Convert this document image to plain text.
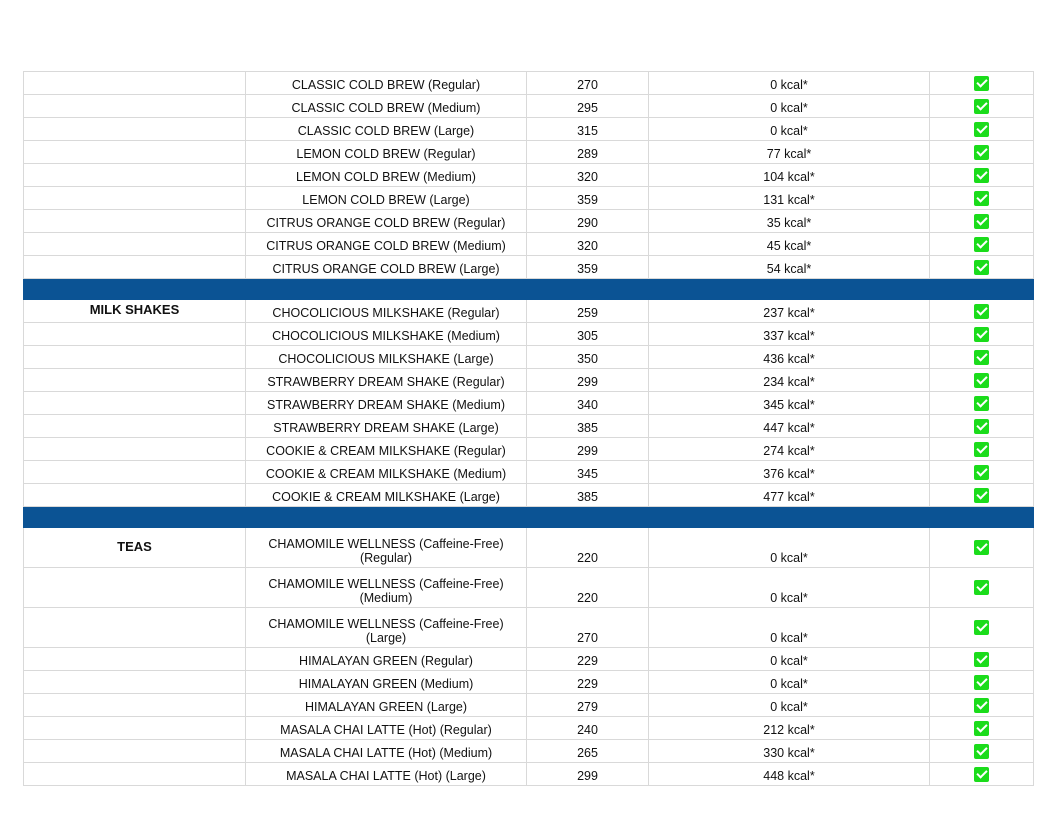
	CLASSIC COLD BREW (Regular)	270	0 kcal*	
	CLASSIC COLD BREW (Medium)	295	0 kcal*	
	CLASSIC COLD BREW (Large)	315	0 kcal*	
	LEMON COLD BREW (Regular)	289	77 kcal*	
	LEMON COLD BREW (Medium)	320	104 kcal*	
	LEMON COLD BREW (Large)	359	131 kcal*	
	CITRUS ORANGE COLD BREW (Regular)	290	35 kcal*	
	CITRUS ORANGE COLD BREW (Medium)	320	45 kcal*	
	CITRUS ORANGE COLD BREW (Large)	359	54 kcal*	

MILK SHAKES	CHOCOLICIOUS MILKSHAKE (Regular)	259	237 kcal*	
	CHOCOLICIOUS MILKSHAKE (Medium)	305	337 kcal*	
	CHOCOLICIOUS MILKSHAKE (Large)	350	436 kcal*	
	STRAWBERRY DREAM SHAKE (Regular)	299	234 kcal*	
	STRAWBERRY DREAM SHAKE (Medium)	340	345 kcal*	
	STRAWBERRY DREAM SHAKE (Large)	385	447 kcal*	
	COOKIE & CREAM MILKSHAKE (Regular)	299	274 kcal*	
	COOKIE & CREAM MILKSHAKE (Medium)	345	376 kcal*	
	COOKIE & CREAM MILKSHAKE (Large)	385	477 kcal*	

TEAS	CHAMOMILE WELLNESS (Caffeine-Free) (Regular)	220	0 kcal*	
	CHAMOMILE WELLNESS (Caffeine-Free) (Medium)	220	0 kcal*	
	CHAMOMILE WELLNESS (Caffeine-Free) (Large)	270	0 kcal*	
	HIMALAYAN GREEN (Regular)	229	0 kcal*	
	HIMALAYAN GREEN (Medium)	229	0 kcal*	
	HIMALAYAN GREEN (Large)	279	0 kcal*	
	MASALA CHAI LATTE (Hot) (Regular)	240	212 kcal*	
	MASALA CHAI LATTE (Hot) (Medium)	265	330 kcal*	
	MASALA CHAI LATTE (Hot) (Large)	299	448 kcal*	
